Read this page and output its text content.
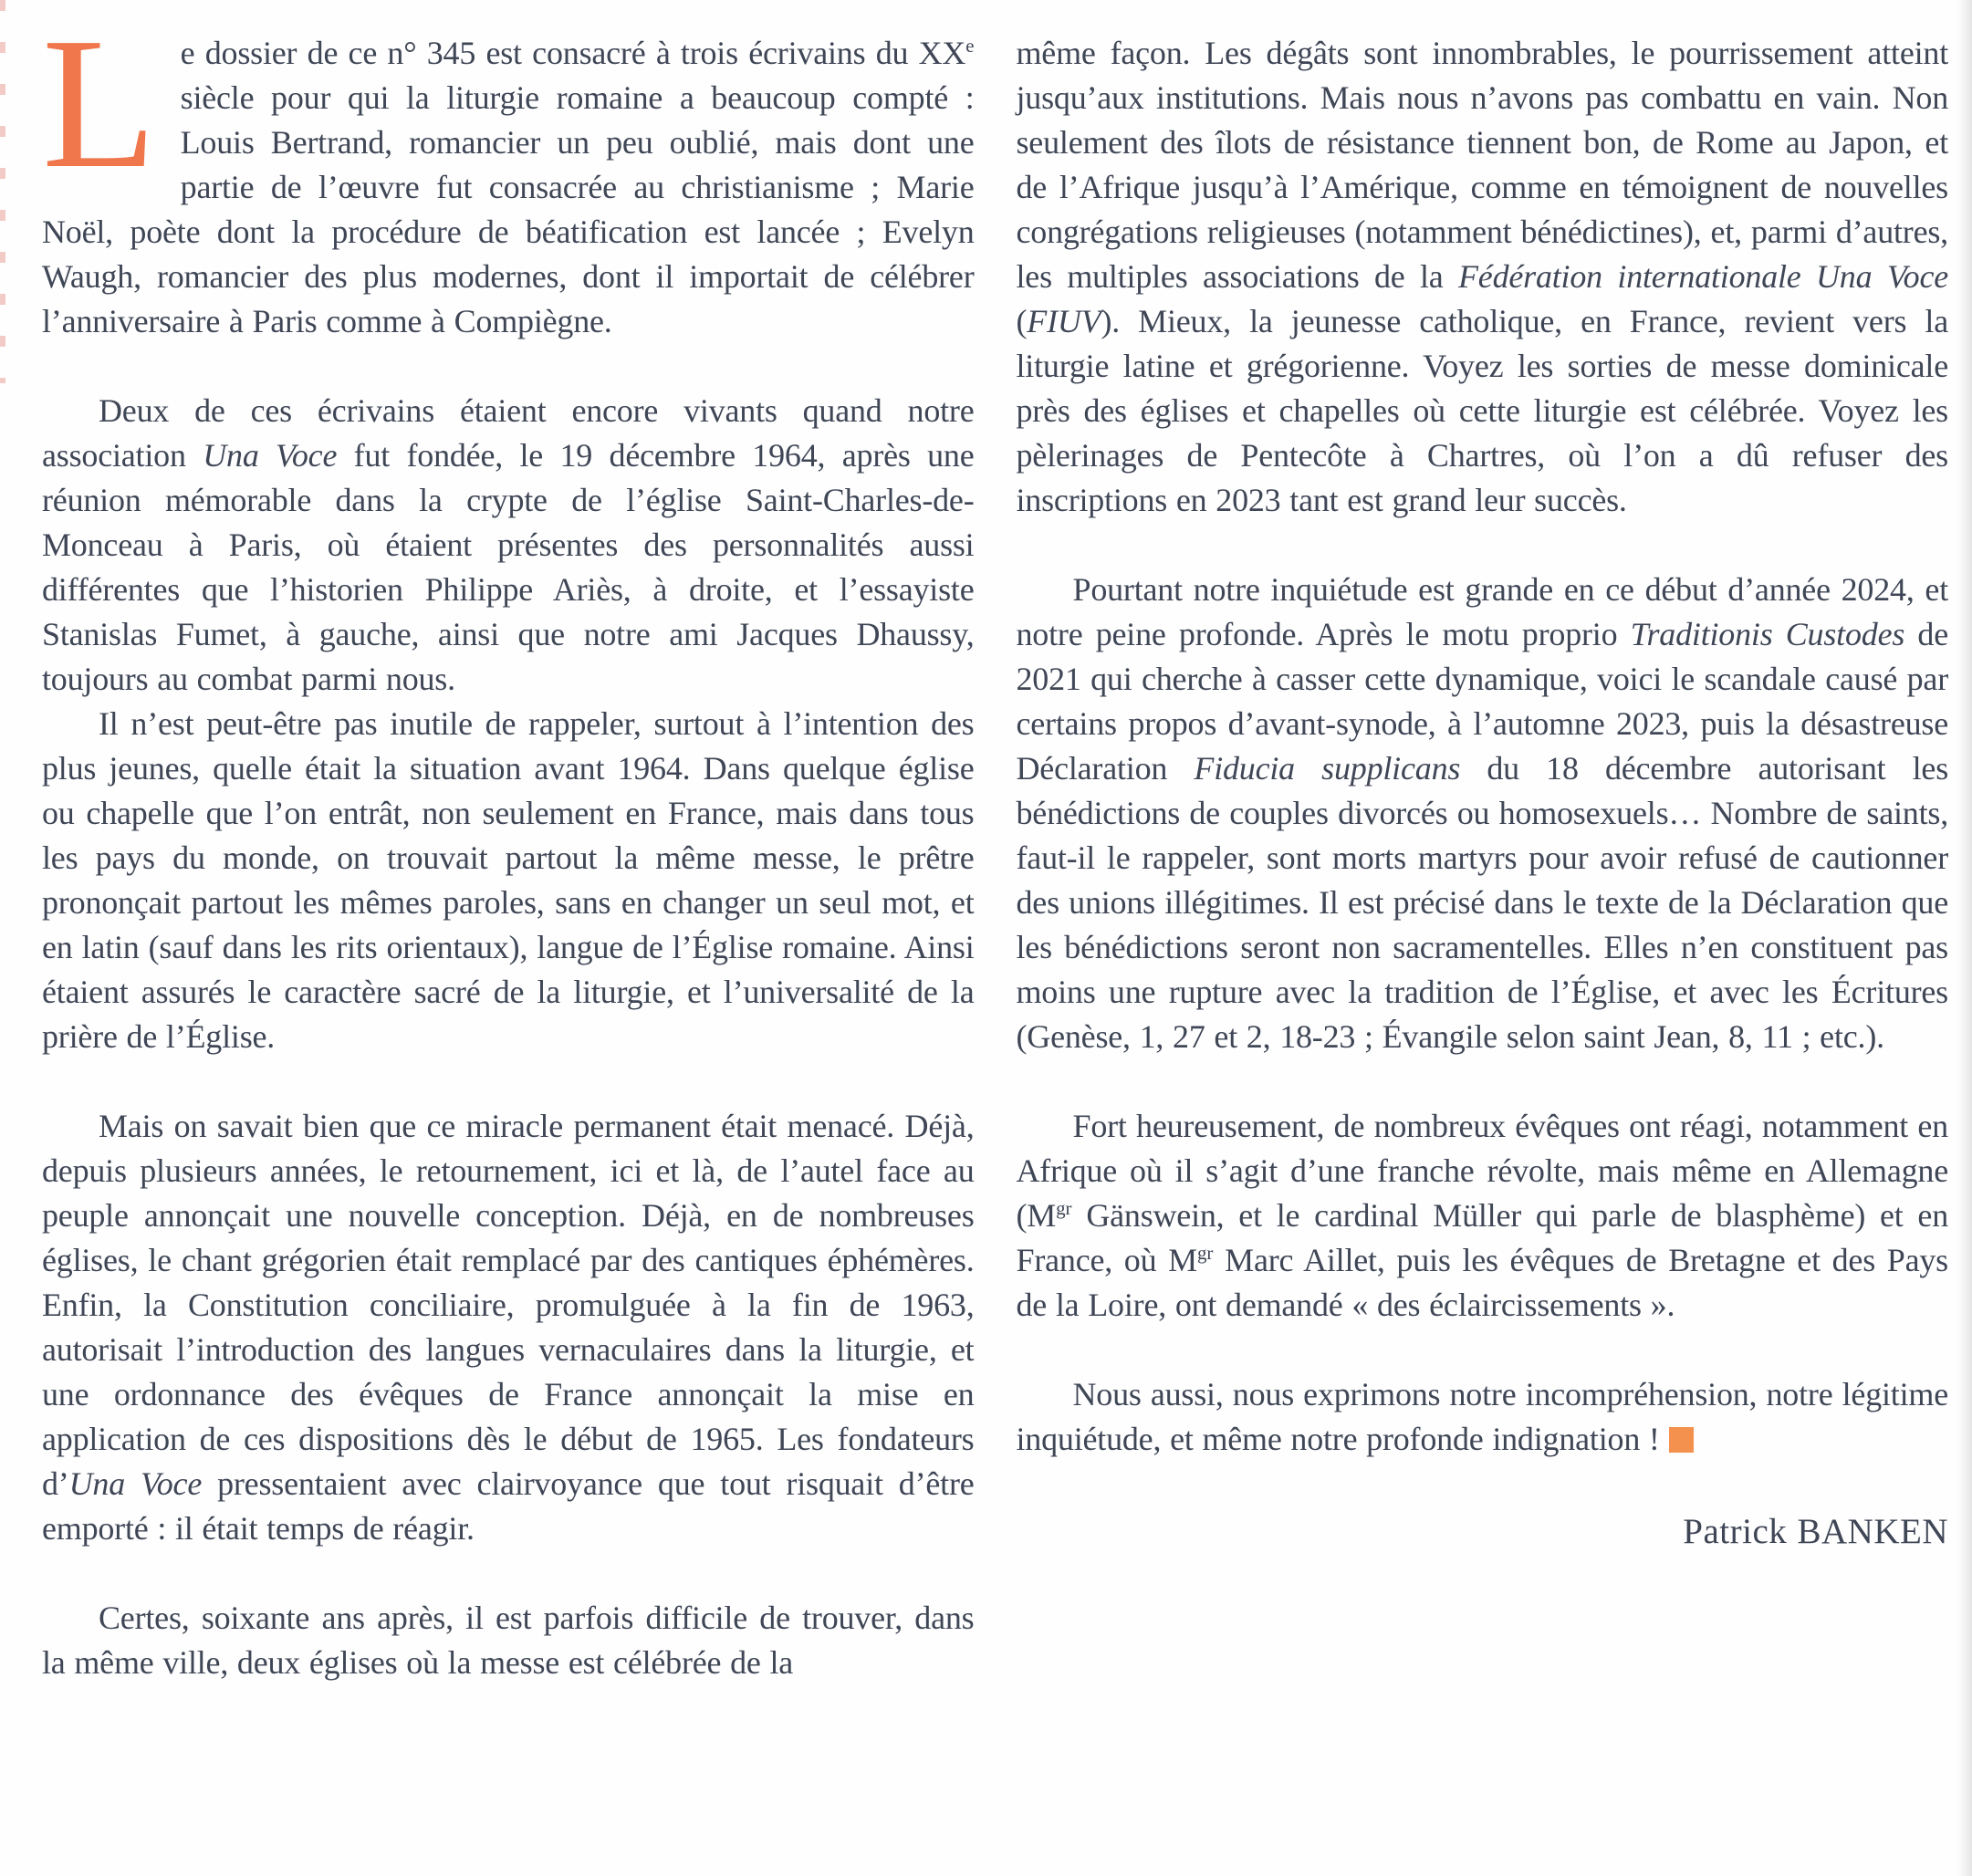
Le dossier de ce n° 345 est consacré à trois écrivains du XXe siècle pour qui la liturgie romaine a beaucoup compté : Louis Bertrand, romancier un peu oublié, mais dont une partie de l’œuvre fut consacrée au christianisme ; Marie Noël, poète dont la procédure de béatification est lancée ; Evelyn Waugh, romancier des plus modernes, dont il importait de célébrer l’anniversaire à Paris comme à Compiègne.

Deux de ces écrivains étaient encore vivants quand notre association Una Voce fut fondée, le 19 décembre 1964, après une réunion mémorable dans la crypte de l’église Saint-Charles-de-Monceau à Paris, où étaient présentes des personnalités aussi différentes que l’historien Philippe Ariès, à droite, et l’essayiste Stanislas Fumet, à gauche, ainsi que notre ami Jacques Dhaussy, toujours au combat parmi nous.

Il n’est peut-être pas inutile de rappeler, surtout à l’intention des plus jeunes, quelle était la situation avant 1964. Dans quelque église ou chapelle que l’on entrât, non seulement en France, mais dans tous les pays du monde, on trouvait partout la même messe, le prêtre prononçait partout les mêmes paroles, sans en changer un seul mot, et en latin (sauf dans les rits orientaux), langue de l’Église romaine. Ainsi étaient assurés le caractère sacré de la liturgie, et l’universalité de la prière de l’Église.

Mais on savait bien que ce miracle permanent était menacé. Déjà, depuis plusieurs années, le retournement, ici et là, de l’autel face au peuple annonçait une nouvelle conception. Déjà, en de nombreuses églises, le chant grégorien était remplacé par des cantiques éphémères. Enfin, la Constitution conciliaire, promulguée à la fin de 1963, autorisait l’introduction des langues vernaculaires dans la liturgie, et une ordonnance des évêques de France annonçait la mise en application de ces dispositions dès le début de 1965. Les fondateurs d’Una Voce pressentaient avec clairvoyance que tout risquait d’être emporté : il était temps de réagir.

Certes, soixante ans après, il est parfois difficile de trouver, dans la même ville, deux églises où la messe est célébrée de la

même façon. Les dégâts sont innombrables, le pourrissement atteint jusqu’aux institutions. Mais nous n’avons pas combattu en vain. Non seulement des îlots de résistance tiennent bon, de Rome au Japon, et de l’Afrique jusqu’à l’Amérique, comme en témoignent de nouvelles congrégations religieuses (notamment bénédictines), et, parmi d’autres, les multiples associations de la Fédération internationale Una Voce (FIUV). Mieux, la jeunesse catholique, en France, revient vers la liturgie latine et grégorienne. Voyez les sorties de messe dominicale près des églises et chapelles où cette liturgie est célébrée. Voyez les pèlerinages de Pentecôte à Chartres, où l’on a dû refuser des inscriptions en 2023 tant est grand leur succès.

Pourtant notre inquiétude est grande en ce début d’année 2024, et notre peine profonde. Après le motu proprio Traditionis Custodes de 2021 qui cherche à casser cette dynamique, voici le scandale causé par certains propos d’avant-synode, à l’automne 2023, puis la désastreuse Déclaration Fiducia supplicans du 18 décembre autorisant les bénédictions de couples divorcés ou homosexuels… Nombre de saints, faut-il le rappeler, sont morts martyrs pour avoir refusé de cautionner des unions illégitimes. Il est précisé dans le texte de la Déclaration que les bénédictions seront non sacramentelles. Elles n’en constituent pas moins une rupture avec la tradition de l’Église, et avec les Écritures (Genèse, 1, 27 et 2, 18-23 ; Évangile selon saint Jean, 8, 11 ; etc.).

Fort heureusement, de nombreux évêques ont réagi, notamment en Afrique où il s’agit d’une franche révolte, mais même en Allemagne ($M^{gr}$ Gänswein, et le cardinal Müller qui parle de blasphème) et en France, où $M^{gr}$ Marc Aillet, puis les évêques de Bretagne et des Pays de la Loire, ont demandé « des éclaircissements ».

Nous aussi, nous exprimons notre incompréhension, notre légitime inquiétude, et même notre profonde indignation !

Patrick BANKEN
